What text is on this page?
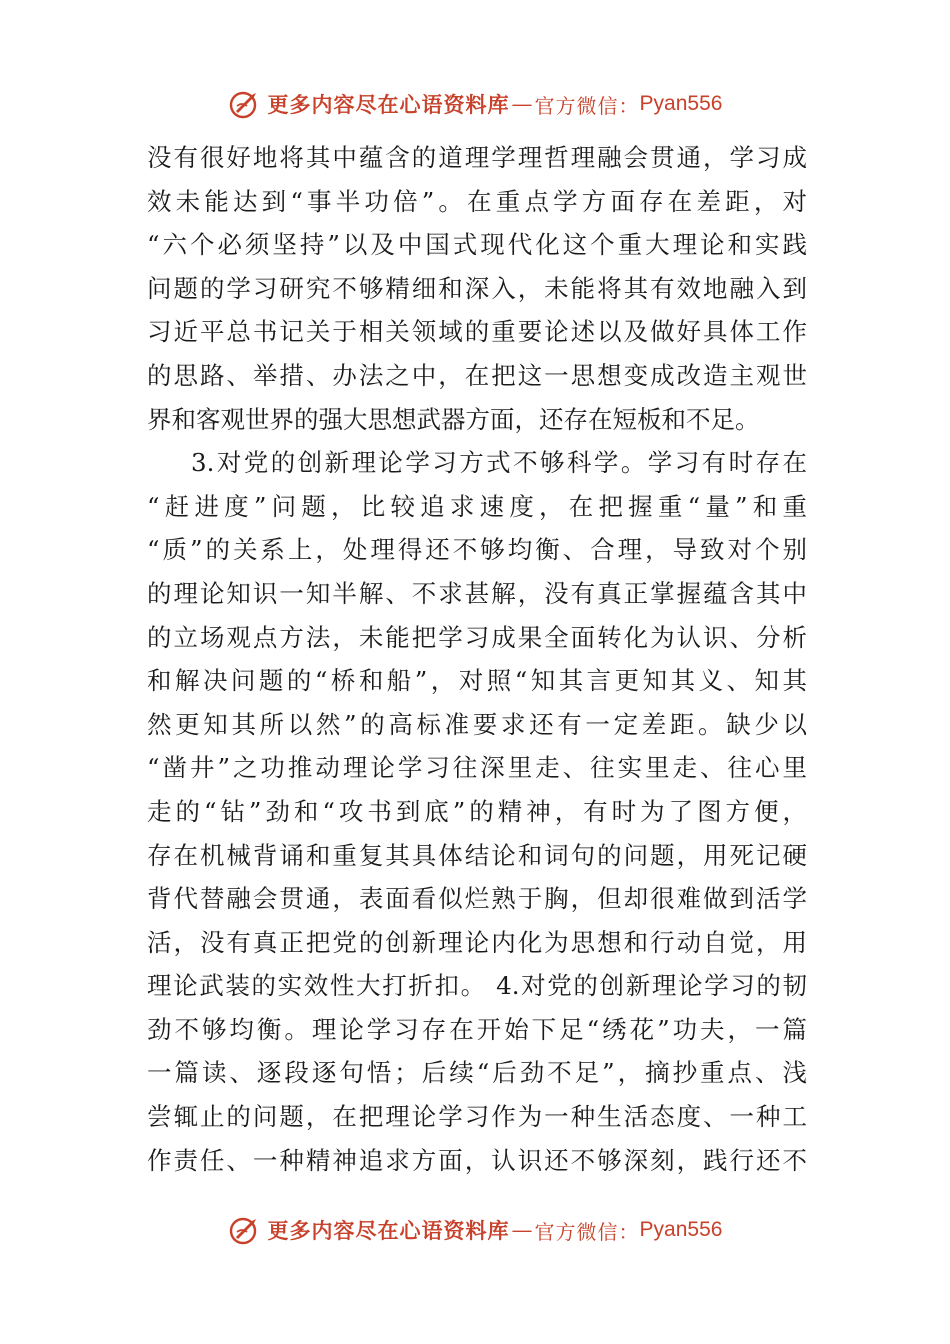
更多内容尽在心语资料库 — 官方微信： Pyan556
没有很好地将其中蕴含的道理学理哲理融会贯通，学习成
效未能达到“事半功倍”。在重点学方面存在差距，对
“六个必须坚持”以及中国式现代化这个重大理论和实践
问题的学习研究不够精细和深入，未能将其有效地融入到
习近平总书记关于相关领域的重要论述以及做好具体工作
的思路、举措、办法之中，在把这一思想变成改造主观世
界和客观世界的强大思想武器方面，还存在短板和不足。
3.对党的创新理论学习方式不够科学。学习有时存在
“赶进度”问题，比较追求速度，在把握重“量”和重
“质”的关系上，处理得还不够均衡、合理，导致对个别
的理论知识一知半解、不求甚解，没有真正掌握蕴含其中
的立场观点方法，未能把学习成果全面转化为认识、分析
和解决问题的“桥和船”，对照“知其言更知其义、知其
然更知其所以然”的高标准要求还有一定差距。缺少以
“凿井”之功推动理论学习往深里走、往实里走、往心里
走的“钻”劲和“攻书到底”的精神，有时为了图方便，
存在机械背诵和重复其具体结论和词句的问题，用死记硬
背代替融会贯通，表面看似烂熟于胸，但却很难做到活学
活，没有真正把党的创新理论内化为思想和行动自觉，用
理论武装的实效性大打折扣。 4.对党的创新理论学习的韧
劲不够均衡。理论学习存在开始下足“绣花”功夫，一篇
一篇读、逐段逐句悟；后续“后劲不足”，摘抄重点、浅
尝辄止的问题，在把理论学习作为一种生活态度、一种工
作责任、一种精神追求方面，认识还不够深刻，践行还不
更多内容尽在心语资料库 — 官方微信： Pyan556
